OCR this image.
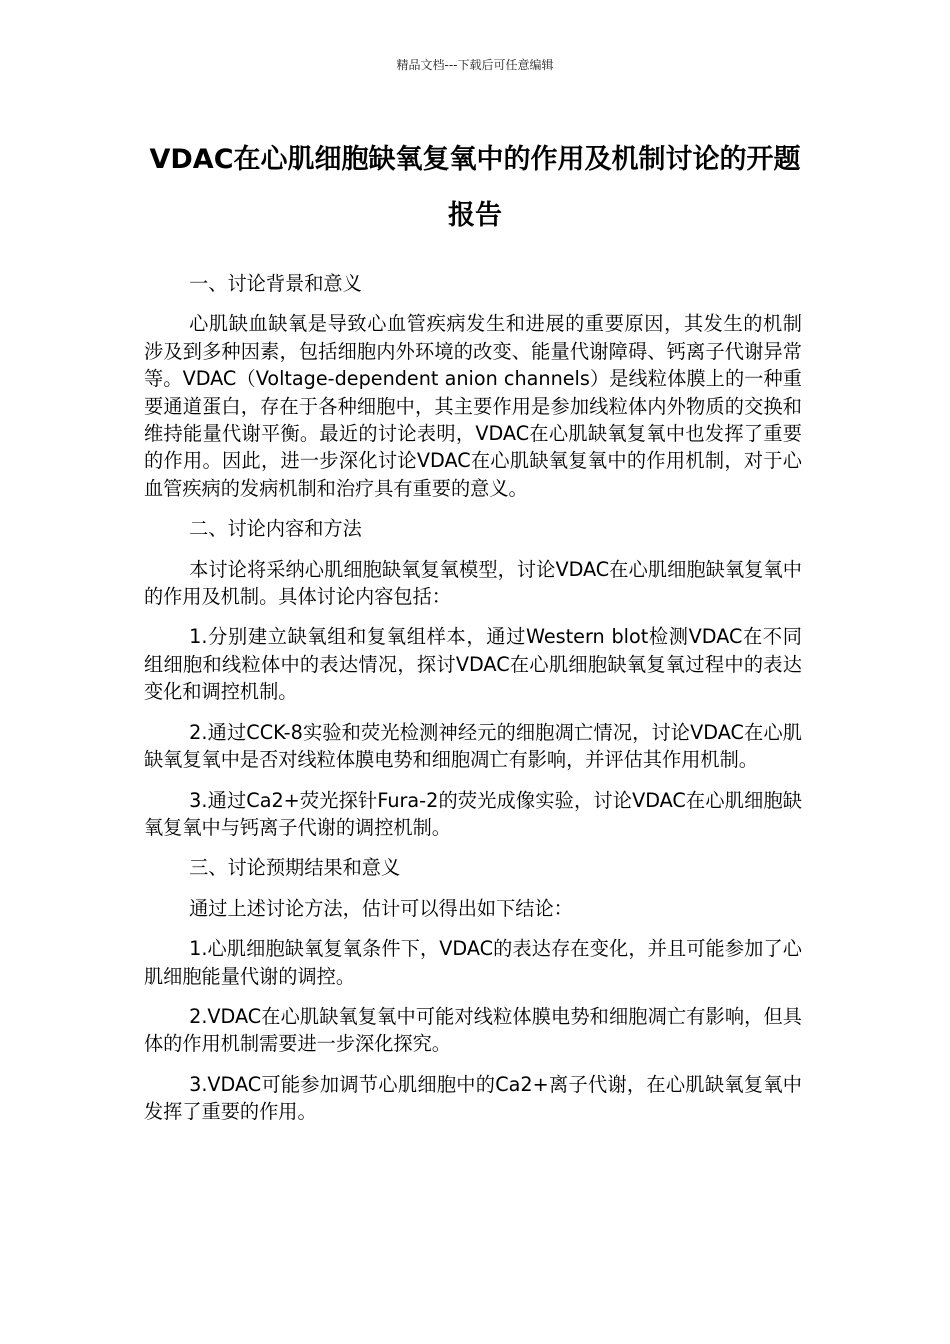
精品文档---下载后可任意编辑
VDAC在心肌细胞缺氧复氧中的作用及机制讨论的开题报告

一、讨论背景和意义

心肌缺血缺氧是导致心血管疾病发生和进展的重要原因，其发生的机制涉及到多种因素，包括细胞内外环境的改变、能量代谢障碍、钙离子代谢异常等。VDAC（Voltage-dependent anion channels）是线粒体膜上的一种重要通道蛋白，存在于各种细胞中，其主要作用是参加线粒体内外物质的交换和维持能量代谢平衡。最近的讨论表明，VDAC在心肌缺氧复氧中也发挥了重要的作用。因此，进一步深化讨论VDAC在心肌缺氧复氧中的作用机制，对于心血管疾病的发病机制和治疗具有重要的意义。

二、讨论内容和方法

本讨论将采纳心肌细胞缺氧复氧模型，讨论VDAC在心肌细胞缺氧复氧中的作用及机制。具体讨论内容包括：

1.分别建立缺氧组和复氧组样本，通过Western blot检测VDAC在不同组细胞和线粒体中的表达情况，探讨VDAC在心肌细胞缺氧复氧过程中的表达变化和调控机制。

2.通过CCK-8实验和荧光检测神经元的细胞凋亡情况，讨论VDAC在心肌缺氧复氧中是否对线粒体膜电势和细胞凋亡有影响，并评估其作用机制。

3.通过Ca2+荧光探针Fura-2的荧光成像实验，讨论VDAC在心肌细胞缺氧复氧中与钙离子代谢的调控机制。

三、讨论预期结果和意义

通过上述讨论方法，估计可以得出如下结论：

1.心肌细胞缺氧复氧条件下，VDAC的表达存在变化，并且可能参加了心肌细胞能量代谢的调控。

2.VDAC在心肌缺氧复氧中可能对线粒体膜电势和细胞凋亡有影响，但具体的作用机制需要进一步深化探究。

3.VDAC可能参加调节心肌细胞中的Ca2+离子代谢，在心肌缺氧复氧中发挥了重要的作用。
